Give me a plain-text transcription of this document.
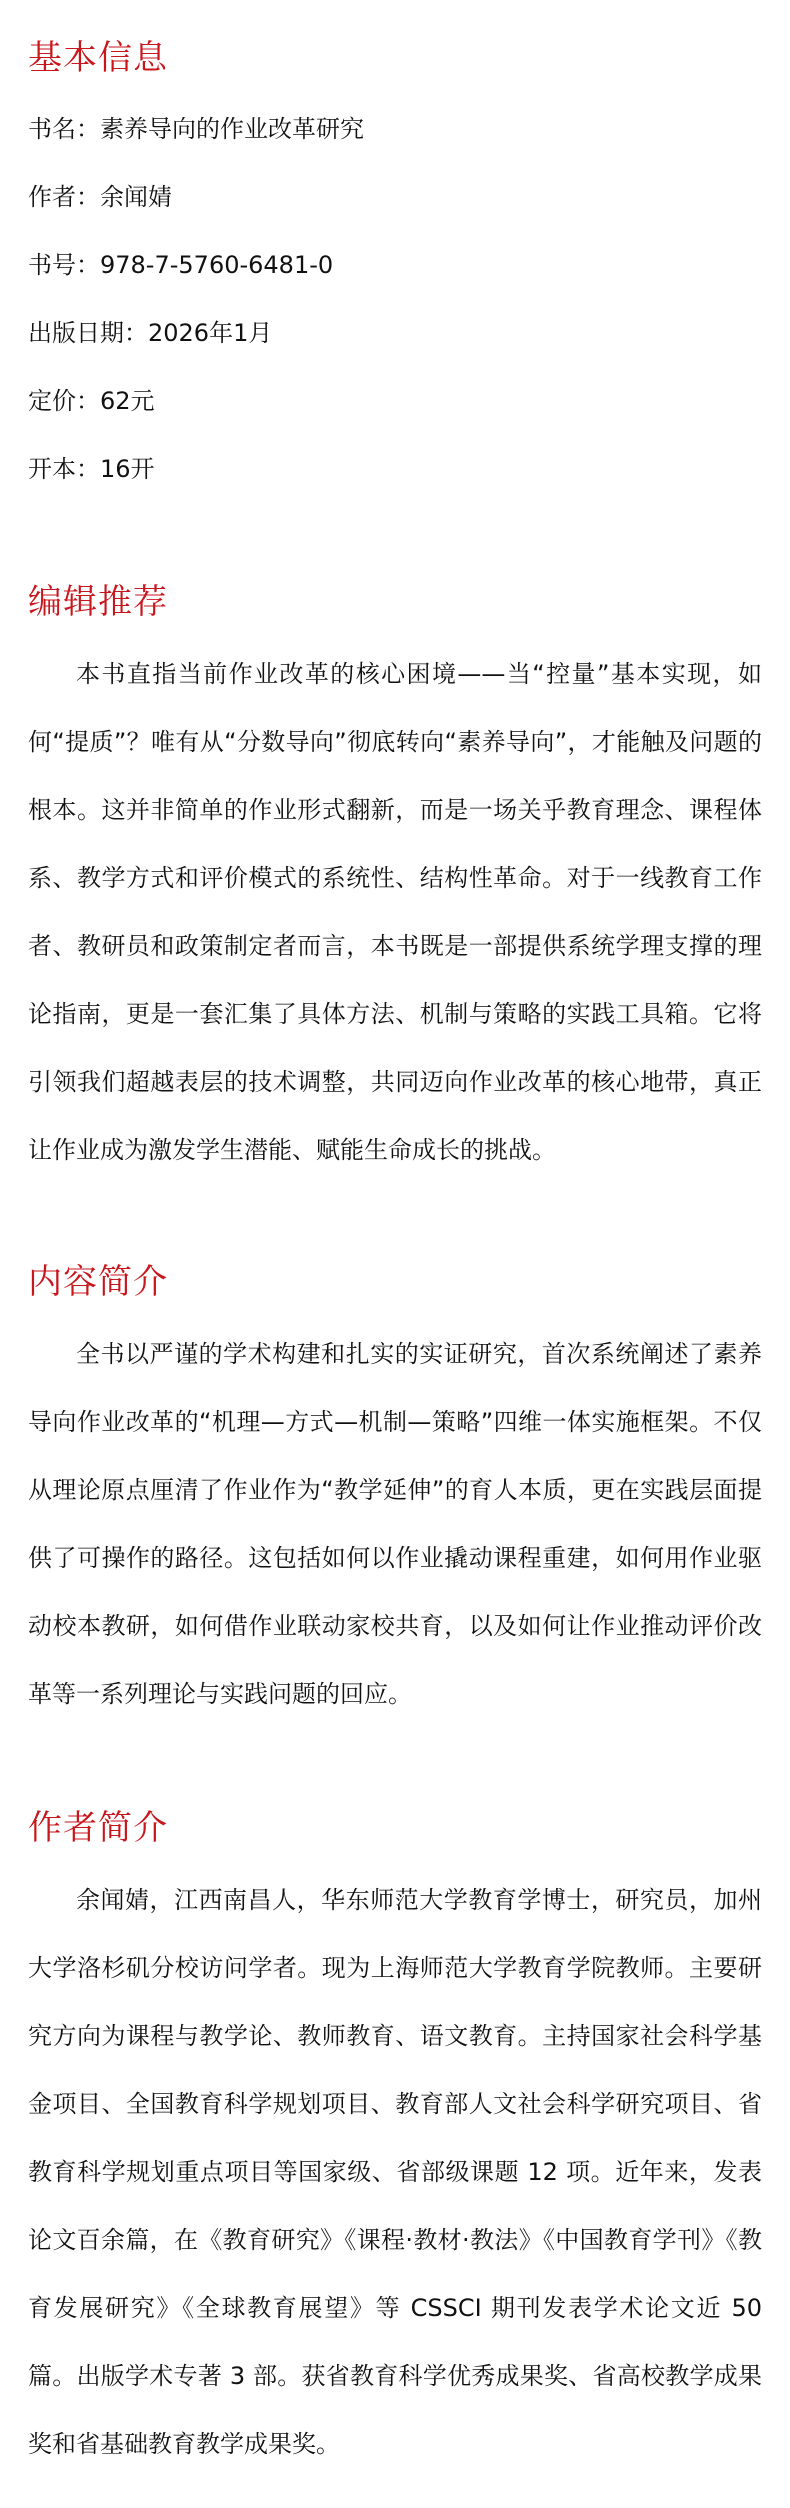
基本信息

书名：素养导向的作业改革研究

作者：余闻婧

书号：978-7-5760-6481-0

出版日期：2026年1月

定价：62元

开本：16开

编辑推荐

本书直指当前作业改革的核心困境——当“控量”基本实现，如何“提质”？唯有从“分数导向”彻底转向“素养导向”，才能触及问题的根本。这并非简单的作业形式翻新，而是一场关乎教育理念、课程体系、教学方式和评价模式的系统性、结构性革命。对于一线教育工作者、教研员和政策制定者而言，本书既是一部提供系统学理支撑的理论指南，更是一套汇集了具体方法、机制与策略的实践工具箱。它将引领我们超越表层的技术调整，共同迈向作业改革的核心地带，真正让作业成为激发学生潜能、赋能生命成长的挑战。

内容简介

全书以严谨的学术构建和扎实的实证研究，首次系统阐述了素养导向作业改革的“机理—方式—机制—策略”四维一体实施框架。不仅从理论原点厘清了作业作为“教学延伸”的育人本质，更在实践层面提供了可操作的路径。这包括如何以作业撬动课程重建，如何用作业驱动校本教研，如何借作业联动家校共育，以及如何让作业推动评价改革等一系列理论与实践问题的回应。

作者简介

余闻婧，江西南昌人，华东师范大学教育学博士，研究员，加州大学洛杉矶分校访问学者。现为上海师范大学教育学院教师。主要研究方向为课程与教学论、教师教育、语文教育。主持国家社会科学基金项目、全国教育科学规划项目、教育部人文社会科学研究项目、省教育科学规划重点项目等国家级、省部级课题 12 项。近年来，发表论文百余篇，在《教育研究》《课程·教材·教法》《中国教育学刊》《教育发展研究》《全球教育展望》等 CSSCI 期刊发表学术论文近 50 篇。出版学术专著 3 部。获省教育科学优秀成果奖、省高校教学成果奖和省基础教育教学成果奖。
